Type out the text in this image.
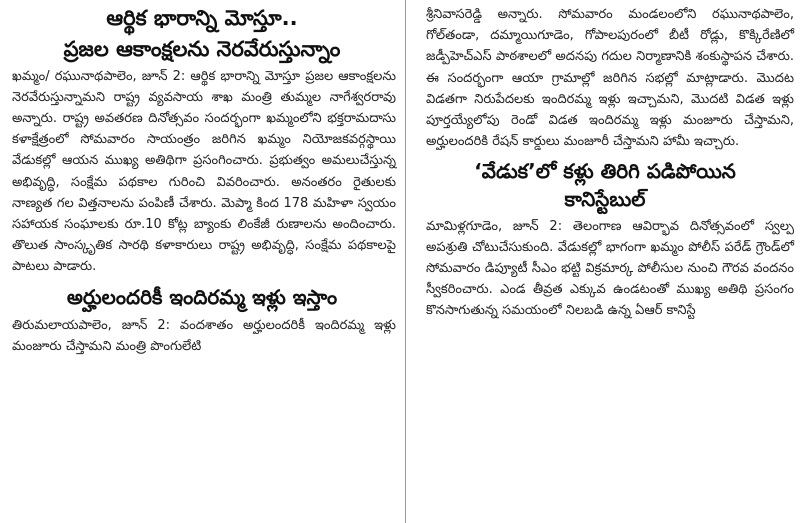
ఆర్థిక భారాన్ని మోస్తూ..

ప్రజల ఆకాంక్షలను నెరవేరుస్తున్నాం

ఖమ్మం/ రఘునాథపాలెం, జూన్ 2: ఆర్థిక భారాన్ని మోస్తూ ప్రజల ఆకాంక్షలను నెరవేరుస్తున్నామని రాష్ట్ర వ్యవసాయ శాఖ మంత్రి తుమ్మల నాగేశ్వరరావు అన్నారు. రాష్ట్ర అవతరణ దినోత్సవం సందర్భంగా ఖమ్మంలోని భక్తరామదాసు కళాక్షేత్రంలో సోమవారం సాయంత్రం జరిగిన ఖమ్మం నియోజకవర్గస్థాయి వేడుకల్లో ఆయన ముఖ్య అతిథిగా ప్రసంగించారు. ప్రభుత్వం అమలుచేస్తున్న అభివృద్ధి, సంక్షేమ పథకాల గురించి వివరించారు. అనంతరం రైతులకు నాణ్యత గల విత్తనాలను పంపిణీ చేశారు. మెప్మా కింద 178 మహిళా స్వయం సహాయక సంఘాలకు రూ.10 కోట్ల బ్యాంకు లింకేజీ రుణాలను అందించారు. తొలుత సాంస్కృతిక సారథి కళాకారులు రాష్ట్ర అభివృద్ధి, సంక్షేమ పథకాలపై పాటలు పాడారు.

అర్హులందరికీ ఇందిరమ్మ ఇళ్లు ఇస్తాం

తిరుమలాయపాలెం, జూన్ 2: వందశాతం అర్హులందరికీ ఇందిరమ్మ ఇళ్లు మంజూరు చేస్తామని మంత్రి పొంగులేటి

శ్రీనివాసరెడ్డి అన్నారు. సోమవారం మండలంలోని రఘునాథపాలెం, గోల్‌తండా, దమ్మాయిగూడెం, గోపాలపురంలో బీటీ రోడ్లు, కొక్కిరేణిలో జడ్పీహెచ్ఎస్ పాఠశాలలో అదనపు గదుల నిర్మాణానికి శంకుస్థాపన చేశారు. ఈ సందర్భంగా ఆయా గ్రామాల్లో జరిగిన సభల్లో మాట్లాడారు. మొదట విడతగా నిరుపేదలకు ఇందిరమ్మ ఇళ్లు ఇచ్చామని, మొదటి విడత ఇళ్లు పూర్తయ్యేలోపు రెండో విడత ఇందిరమ్మ ఇళ్లు మంజూరు చేస్తామని, అర్హులందరికి రేషన్ కార్డులు మంజూరీ చేస్తామని హామీ ఇచ్చారు.

‘వేడుక’లో కళ్లు తిరిగి పడిపోయిన

కానిస్టేబుల్

మామిళ్లగూడెం, జూన్ 2: తెలంగాణ ఆవిర్భావ దినోత్సవంలో స్వల్ప అపశ్రుతి చోటుచేసుకుంది. వేడుకల్లో భాగంగా ఖమ్మం పోలీస్ పరేడ్ గ్రౌండ్‌లో సోమవారం డిప్యూటీ సీఎం భట్టి విక్రమార్క పోలీసుల నుంచి గౌరవ వందనం స్వీకరించారు. ఎండ తీవ్రత ఎక్కువ ఉండటంతో ముఖ్య అతిథి ప్రసంగం కొనసాగుతున్న సమయంలో నిలబడి ఉన్న ఏఆర్ కానిస్టే
